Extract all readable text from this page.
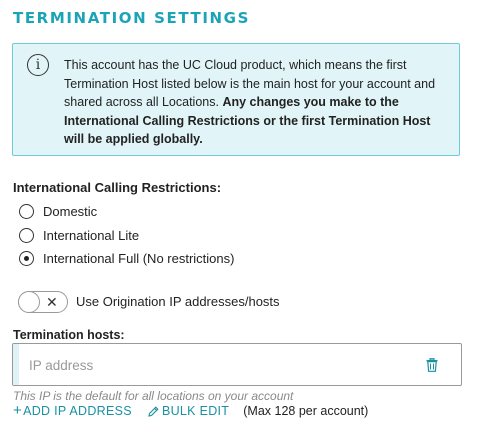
TERMINATION SETTINGS
i	This account has the UC Cloud product, which means the first Termination Host listed below is the main host for your account and shared across all Locations. Any changes you make to the International Calling Restrictions or the first Termination Host will be applied globally.
International Calling Restrictions:
Domestic
International Lite
International Full (No restrictions)
✕ Use Origination IP addresses/hosts
Termination hosts:
IP address
This IP is the default for all locations on your account
+ ADD IP ADDRESS BULK EDIT (Max 128 per account)
